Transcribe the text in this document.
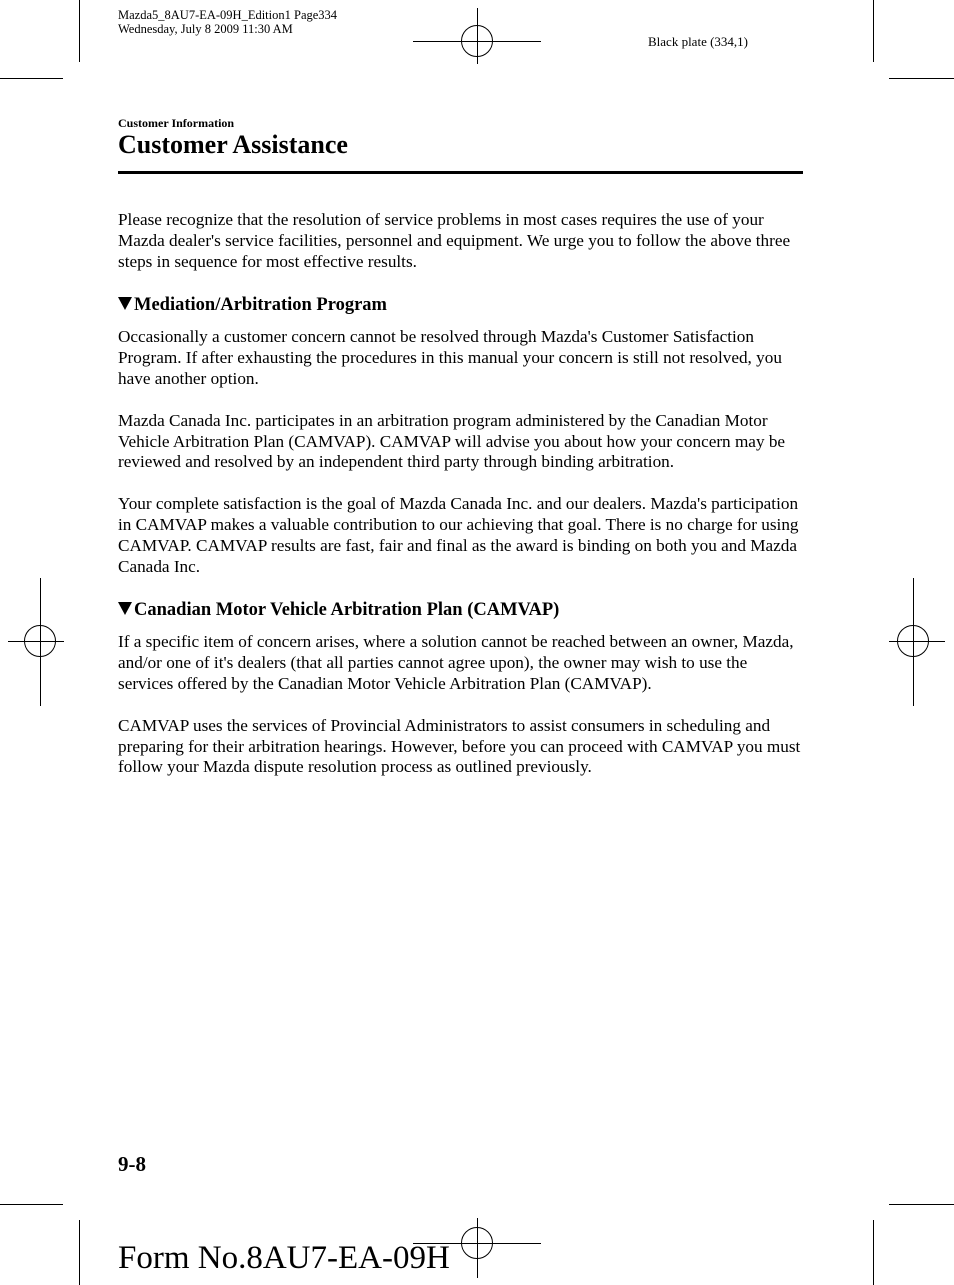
Mazda5_8AU7-EA-09H_Edition1 Page334
Wednesday, July 8 2009 11:30 AM
Black plate (334,1)
Customer Information
Customer Assistance

Please recognize that the resolution of service problems in most cases requires the use of your Mazda dealer's service facilities, personnel and equipment. We urge you to follow the above three steps in sequence for most effective results.

Mediation/Arbitration Program

Occasionally a customer concern cannot be resolved through Mazda's Customer Satisfaction Program. If after exhausting the procedures in this manual your concern is still not resolved, you have another option.

Mazda Canada Inc. participates in an arbitration program administered by the Canadian Motor Vehicle Arbitration Plan (CAMVAP). CAMVAP will advise you about how your concern may be reviewed and resolved by an independent third party through binding arbitration.

Your complete satisfaction is the goal of Mazda Canada Inc. and our dealers. Mazda's participation in CAMVAP makes a valuable contribution to our achieving that goal. There is no charge for using CAMVAP. CAMVAP results are fast, fair and final as the award is binding on both you and Mazda Canada Inc.

Canadian Motor Vehicle Arbitration Plan (CAMVAP)

If a specific item of concern arises, where a solution cannot be reached between an owner, Mazda, and/or one of it's dealers (that all parties cannot agree upon), the owner may wish to use the services offered by the Canadian Motor Vehicle Arbitration Plan (CAMVAP).

CAMVAP uses the services of Provincial Administrators to assist consumers in scheduling and preparing for their arbitration hearings. However, before you can proceed with CAMVAP you must follow your Mazda dispute resolution process as outlined previously.

9-8
Form No.8AU7-EA-09H
